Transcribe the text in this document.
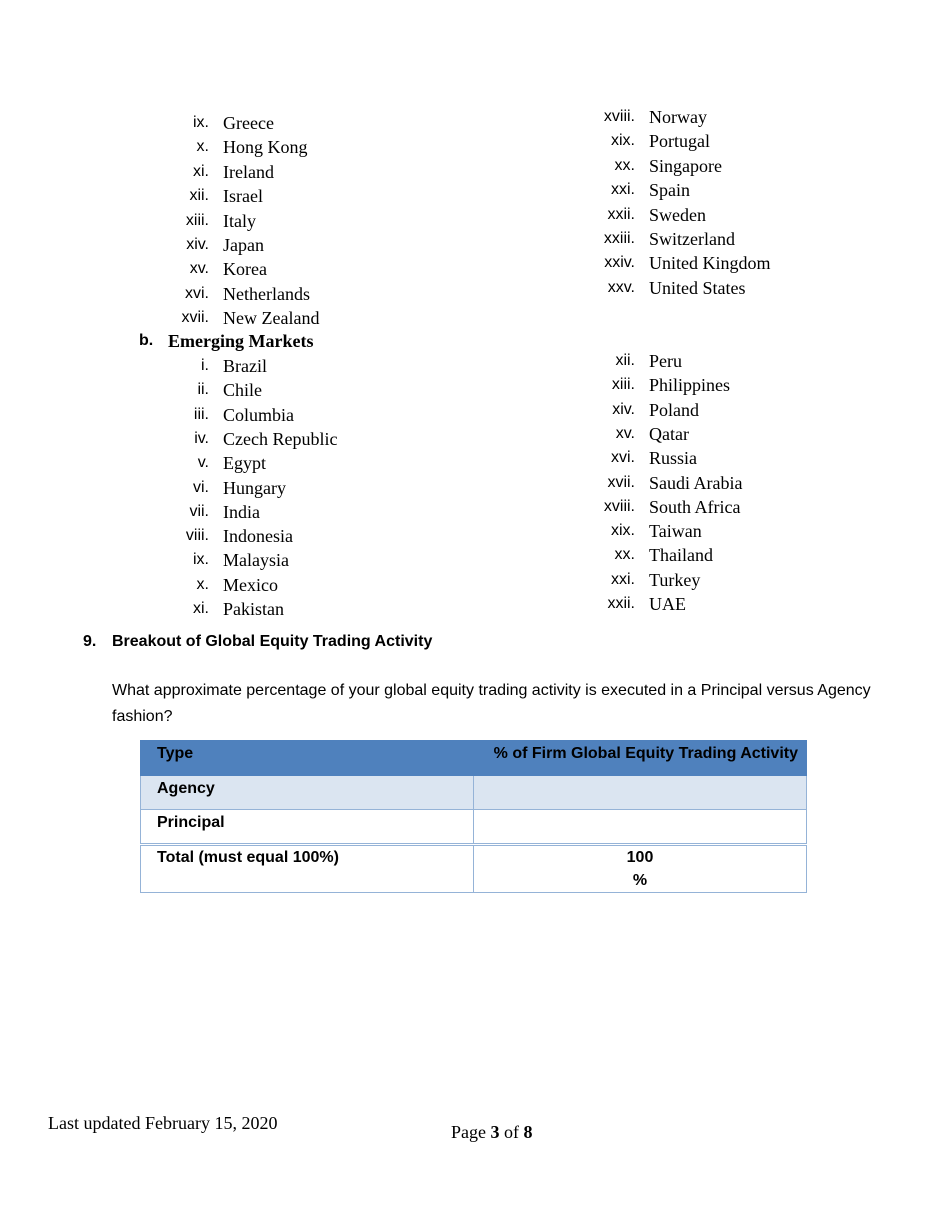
ix. Greece
x. Hong Kong
xi. Ireland
xii. Israel
xiii. Italy
xiv. Japan
xv. Korea
xvi. Netherlands
xvii. New Zealand
xviii. Norway
xix. Portugal
xx. Singapore
xxi. Spain
xxii. Sweden
xxiii. Switzerland
xxiv. United Kingdom
xxv. United States
b. Emerging Markets
i. Brazil
ii. Chile
iii. Columbia
iv. Czech Republic
v. Egypt
vi. Hungary
vii. India
viii. Indonesia
ix. Malaysia
x. Mexico
xi. Pakistan
xii. Peru
xiii. Philippines
xiv. Poland
xv. Qatar
xvi. Russia
xvii. Saudi Arabia
xviii. South Africa
xix. Taiwan
xx. Thailand
xxi. Turkey
xxii. UAE
9. Breakout of Global Equity Trading Activity
What approximate percentage of your global equity trading activity is executed in a Principal versus Agency fashion?
Type	% of Firm Global Equity Trading Activity
Agency	
Principal	
Total (must equal 100%)	100
%
Last updated February 15, 2020	Page 3 of 8
